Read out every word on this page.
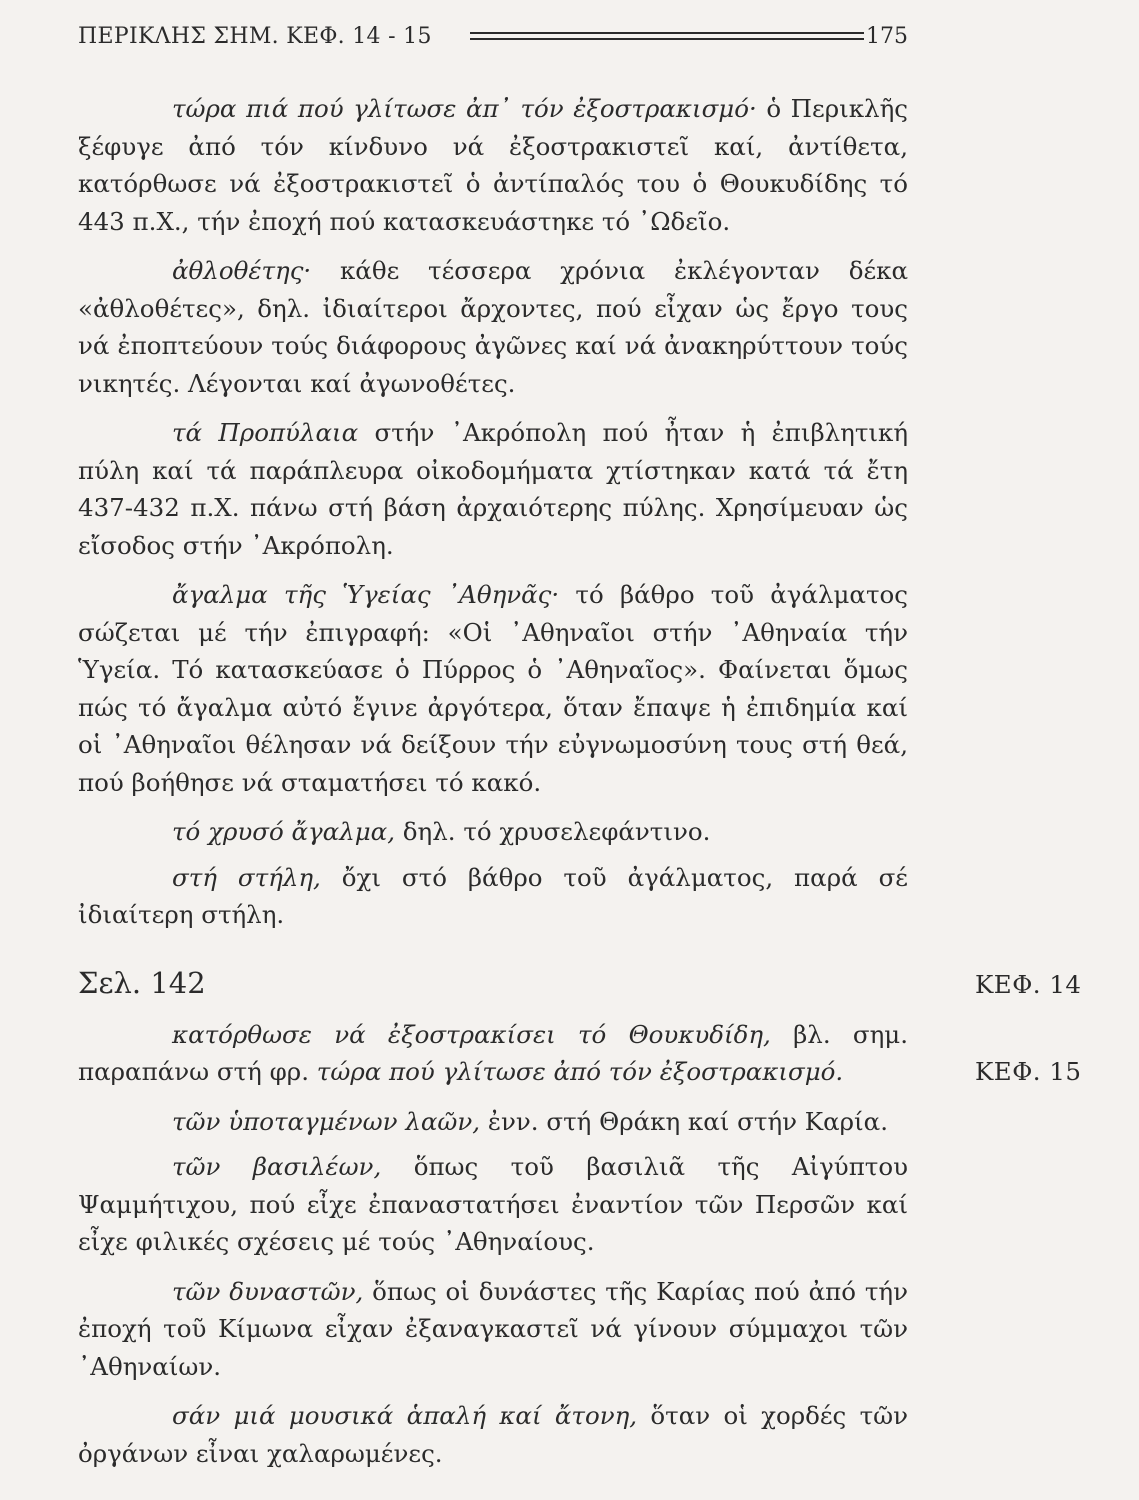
ΠΕΡΙΚΛΗΣ ΣΗΜ. ΚΕΦ. 14 - 15	175

τώρα πιά πού γλίτωσε ἀπ᾽ τόν ἐξοστρακισμό· ὁ Περικλῆς ξέφυγε ἀπό τόν κίνδυνο νά ἐξοστρακιστεῖ καί, ἀντίθετα, κατόρθωσε νά ἐξοστρακιστεῖ ὁ ἀντίπαλός του ὁ Θουκυδίδης τό 443 π.Χ., τήν ἐποχή πού κατασκευάστηκε τό ᾽Ωδεῖο.

ἀθλοθέτης· κάθε τέσσερα χρόνια ἐκλέγονταν δέκα «ἀθλοθέτες», δηλ. ἰδιαίτεροι ἄρχοντες, πού εἶχαν ὡς ἔργο τους νά ἐποπτεύουν τούς διάφορους ἀγῶνες καί νά ἀνακηρύττουν τούς νικητές. Λέγονται καί ἀγωνοθέτες.

τά Προπύλαια στήν ᾽Ακρόπολη πού ἦταν ἡ ἐπιβλητική πύλη καί τά παράπλευρα οἰκοδομήματα χτίστηκαν κατά τά ἔτη 437-432 π.Χ. πάνω στή βάση ἀρχαιότερης πύλης. Χρησίμευαν ὡς εἴσοδος στήν ᾽Ακρόπολη.

ἄγαλμα τῆς Ὑγείας ᾽Αθηνᾶς· τό βάθρο τοῦ ἀγάλματος σώζεται μέ τήν ἐπιγραφή: «Οἱ ᾽Αθηναῖοι στήν ᾽Αθηναία τήν Ὑγεία. Τό κατασκεύασε ὁ Πύρρος ὁ ᾽Αθηναῖος». Φαίνεται ὅμως πώς τό ἄγαλμα αὐτό ἔγινε ἀργότερα, ὅταν ἔπαψε ἡ ἐπιδημία καί οἱ ᾽Αθηναῖοι θέλησαν νά δείξουν τήν εὐγνωμοσύνη τους στή θεά, πού βοήθησε νά σταματήσει τό κακό.

τό χρυσό ἄγαλμα, δηλ. τό χρυσελεφάντινο.

στή στήλη, ὄχι στό βάθρο τοῦ ἀγάλματος, παρά σέ ἰδιαίτερη στήλη.

Σελ. 142

κατόρθωσε νά ἐξοστρακίσει τό Θουκυδίδη, βλ. σημ. παραπάνω στή φρ. τώρα πού γλίτωσε ἀπό τόν ἐξοστρακισμό.

τῶν ὑποταγμένων λαῶν, ἐνν. στή Θράκη καί στήν Καρία.

τῶν βασιλέων, ὅπως τοῦ βασιλιᾶ τῆς Αἰγύπτου Ψαμμήτιχου, πού εἶχε ἐπαναστατήσει ἐναντίον τῶν Περσῶν καί εἶχε φιλικές σχέσεις μέ τούς ᾽Αθηναίους.

τῶν δυναστῶν, ὅπως οἱ δυνάστες τῆς Καρίας πού ἀπό τήν ἐποχή τοῦ Κίμωνα εἶχαν ἐξαναγκαστεῖ νά γίνουν σύμμαχοι τῶν ᾽Αθηναίων.

σάν μιά μουσικά ἁπαλή καί ἄτονη, ὅταν οἱ χορδές τῶν ὀργάνων εἶναι χαλαρωμένες.

ΚΕΦ. 14
ΚΕΦ. 15
